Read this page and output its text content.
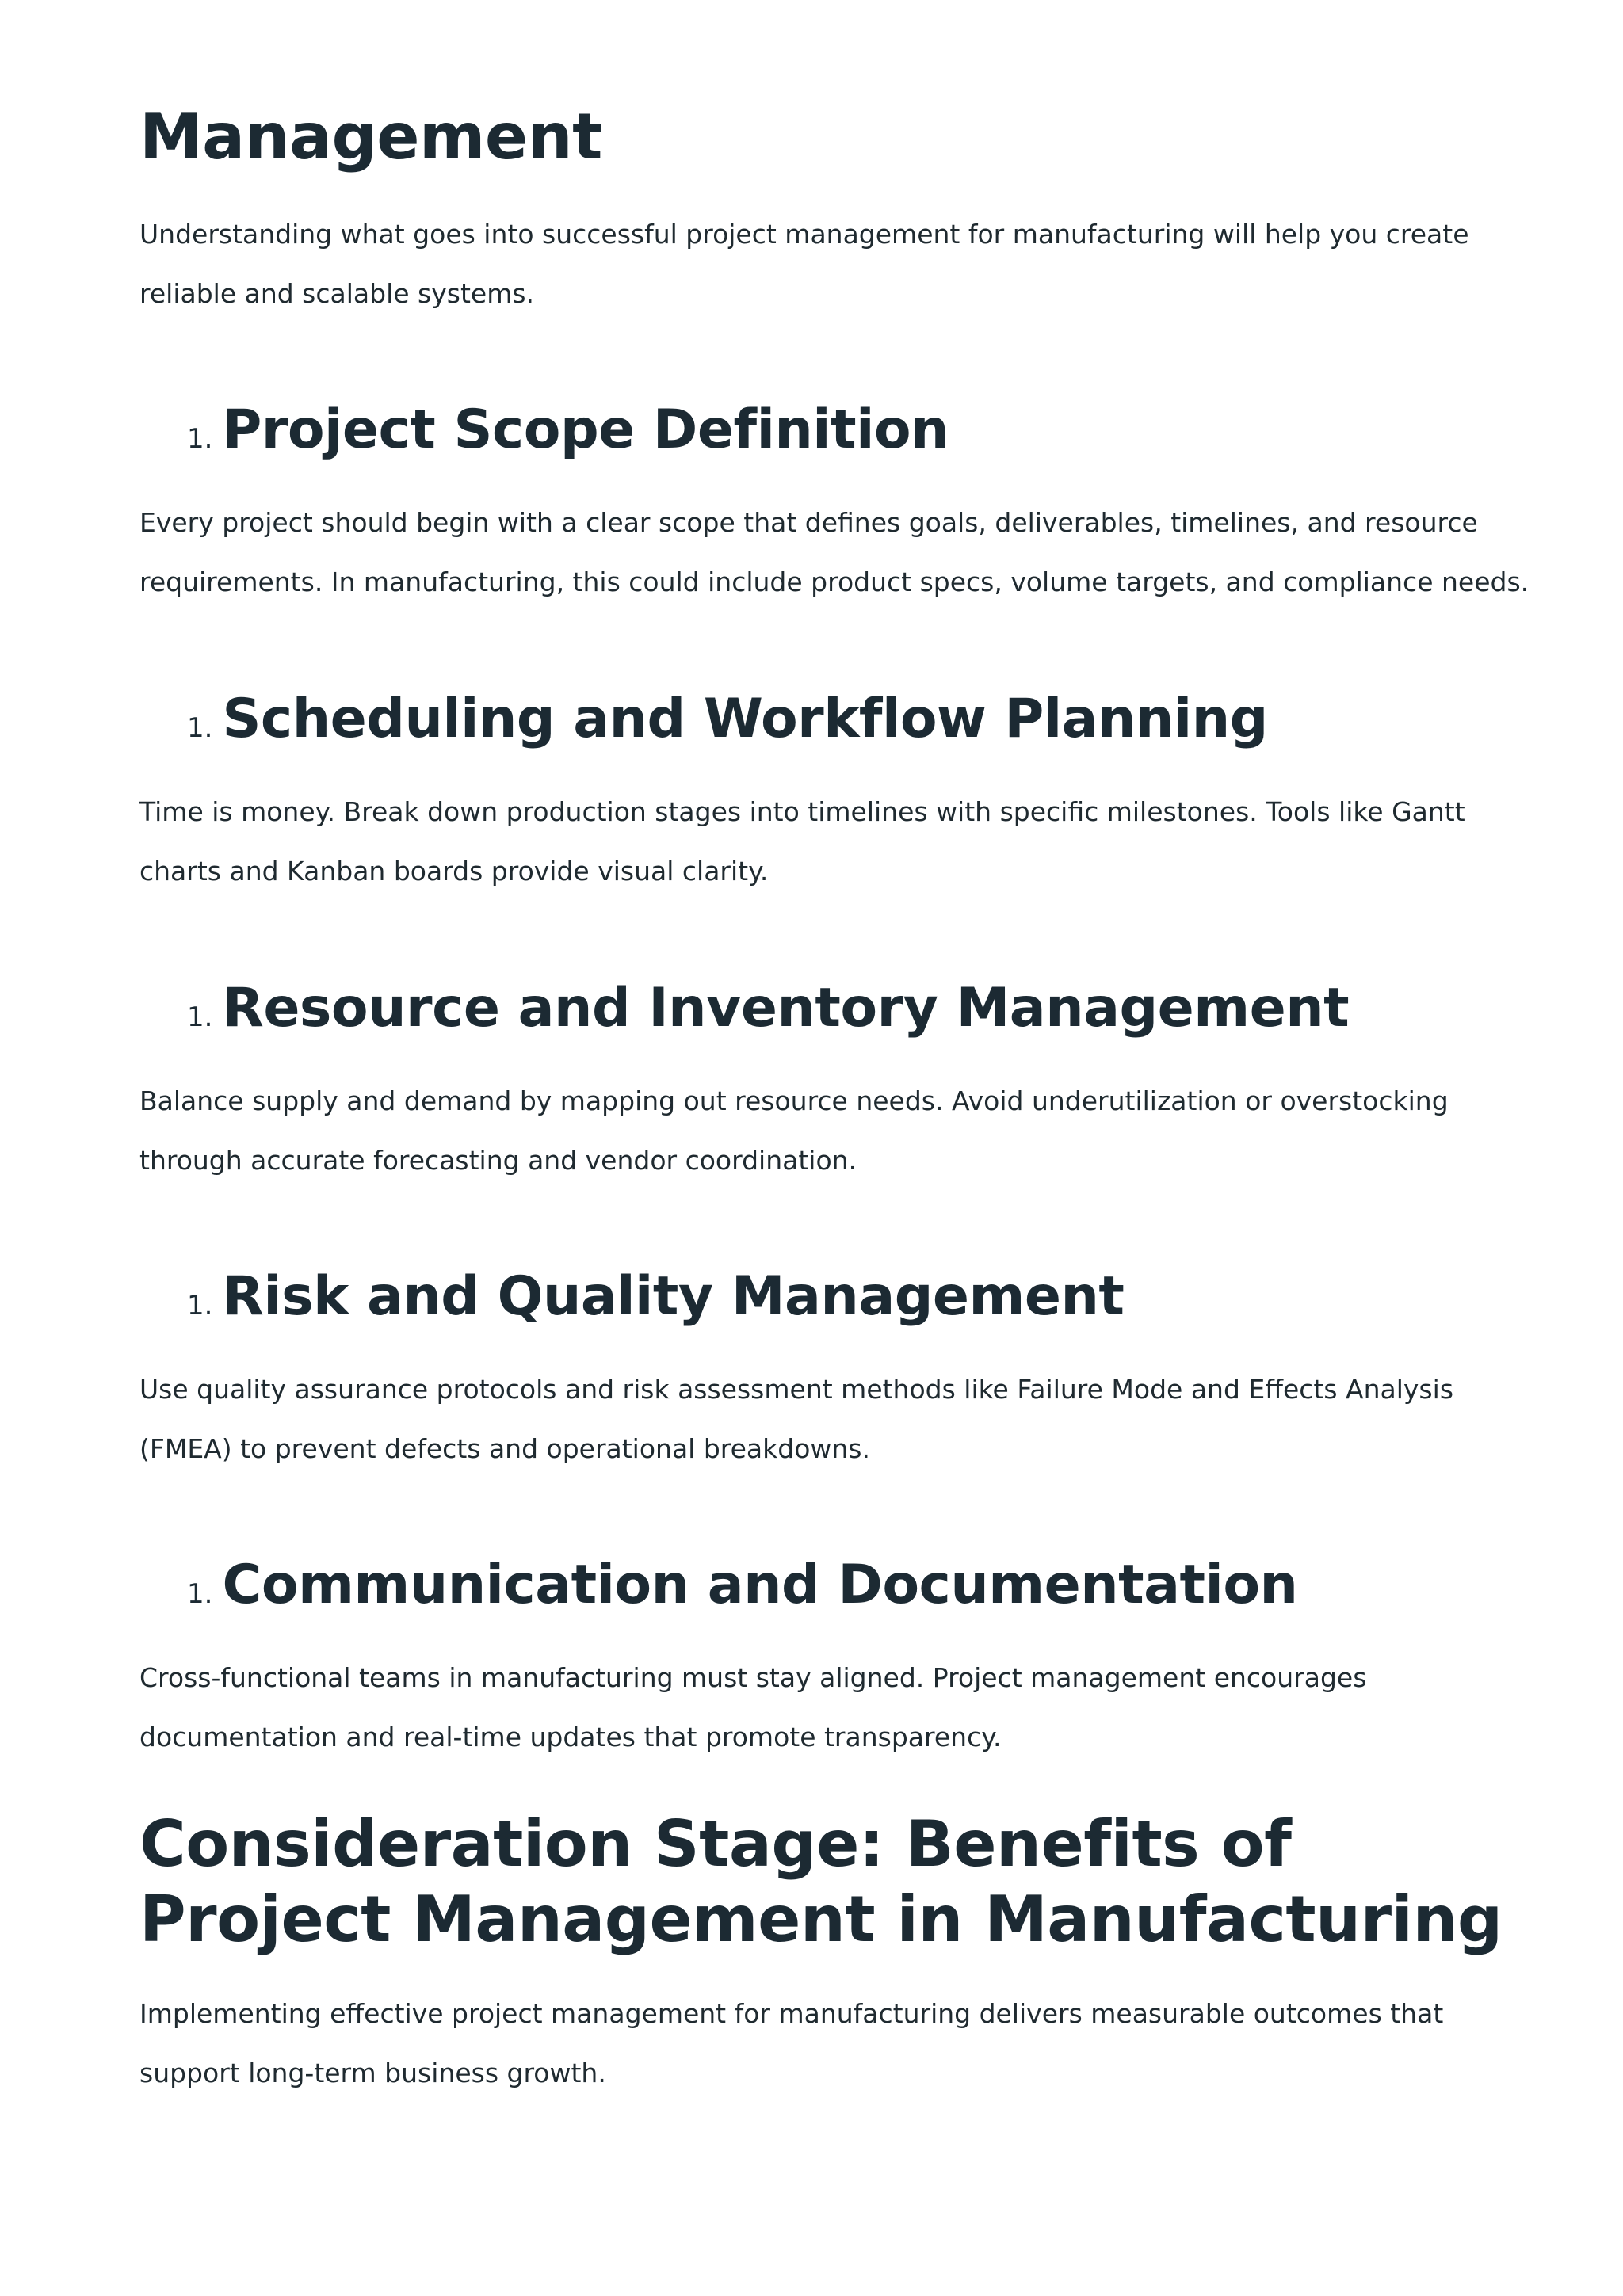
Management

Understanding what goes into successful project management for manufacturing will help you create reliable and scalable systems.

1. Project Scope Definition

Every project should begin with a clear scope that defines goals, deliverables, timelines, and resource requirements. In manufacturing, this could include product specs, volume targets, and compliance needs.

1. Scheduling and Workflow Planning

Time is money. Break down production stages into timelines with specific milestones. Tools like Gantt charts and Kanban boards provide visual clarity.

1. Resource and Inventory Management

Balance supply and demand by mapping out resource needs. Avoid underutilization or overstocking through accurate forecasting and vendor coordination.

1. Risk and Quality Management

Use quality assurance protocols and risk assessment methods like Failure Mode and Effects Analysis (FMEA) to prevent defects and operational breakdowns.

1. Communication and Documentation

Cross-functional teams in manufacturing must stay aligned. Project management encourages documentation and real-time updates that promote transparency.

Consideration Stage: Benefits of Project Management in Manufacturing

Implementing effective project management for manufacturing delivers measurable outcomes that support long-term business growth.
